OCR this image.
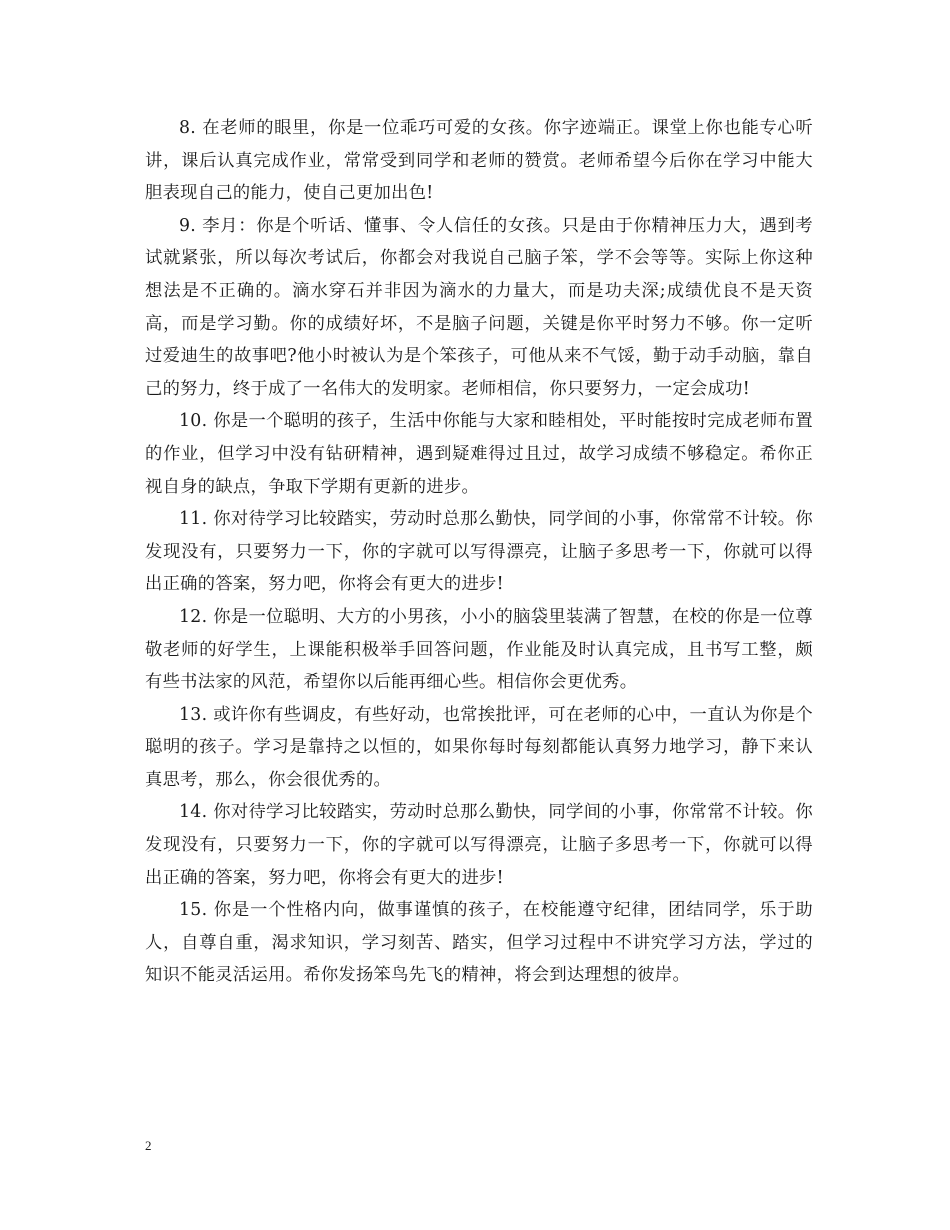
8. 在老师的眼里，你是一位乖巧可爱的女孩。你字迹端正。课堂上你也能专心听讲，课后认真完成作业，常常受到同学和老师的赞赏。老师希望今后你在学习中能大胆表现自己的能力，使自己更加出色!

9. 李月：你是个听话、懂事、令人信任的女孩。只是由于你精神压力大，遇到考试就紧张，所以每次考试后，你都会对我说自己脑子笨，学不会等等。实际上你这种想法是不正确的。滴水穿石并非因为滴水的力量大，而是功夫深;成绩优良不是天资高，而是学习勤。你的成绩好坏，不是脑子问题，关键是你平时努力不够。你一定听过爱迪生的故事吧?他小时被认为是个笨孩子，可他从来不气馁，勤于动手动脑，靠自己的努力，终于成了一名伟大的发明家。老师相信，你只要努力，一定会成功!

10. 你是一个聪明的孩子，生活中你能与大家和睦相处，平时能按时完成老师布置的作业，但学习中没有钻研精神，遇到疑难得过且过，故学习成绩不够稳定。希你正视自身的缺点，争取下学期有更新的进步。

11. 你对待学习比较踏实，劳动时总那么勤快，同学间的小事，你常常不计较。你发现没有，只要努力一下，你的字就可以写得漂亮，让脑子多思考一下，你就可以得出正确的答案，努力吧，你将会有更大的进步!

12. 你是一位聪明、大方的小男孩，小小的脑袋里装满了智慧，在校的你是一位尊敬老师的好学生，上课能积极举手回答问题，作业能及时认真完成，且书写工整，颇有些书法家的风范，希望你以后能再细心些。相信你会更优秀。

13. 或许你有些调皮，有些好动，也常挨批评，可在老师的心中，一直认为你是个聪明的孩子。学习是靠持之以恒的，如果你每时每刻都能认真努力地学习，静下来认真思考，那么，你会很优秀的。

14. 你对待学习比较踏实，劳动时总那么勤快，同学间的小事，你常常不计较。你发现没有，只要努力一下，你的字就可以写得漂亮，让脑子多思考一下，你就可以得出正确的答案，努力吧，你将会有更大的进步!

15. 你是一个性格内向，做事谨慎的孩子，在校能遵守纪律，团结同学，乐于助人，自尊自重，渴求知识，学习刻苦、踏实，但学习过程中不讲究学习方法，学过的知识不能灵活运用。希你发扬笨鸟先飞的精神，将会到达理想的彼岸。

2
